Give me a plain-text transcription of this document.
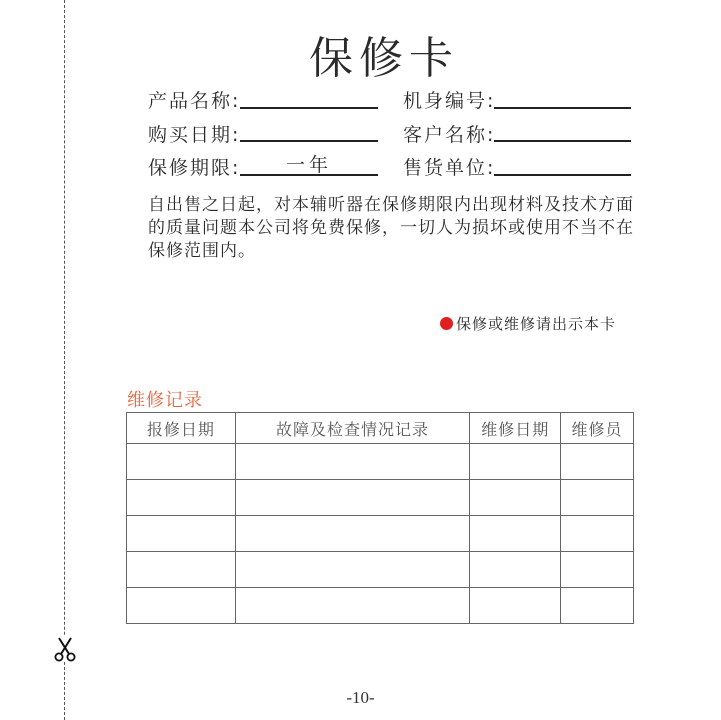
保修卡
产品名称:	机身编号:
购买日期:	客户名称:
保修期限:	一年	售货单位:
自出售之日起，对本辅听器在保修期限内出现材料及技术方面的质量问题本公司将免费保修，一切人为损坏或使用不当不在保修范围内。
保修或维修请出示本卡
维修记录
报修日期	故障及检查情况记录	维修日期	维修员

-10-
